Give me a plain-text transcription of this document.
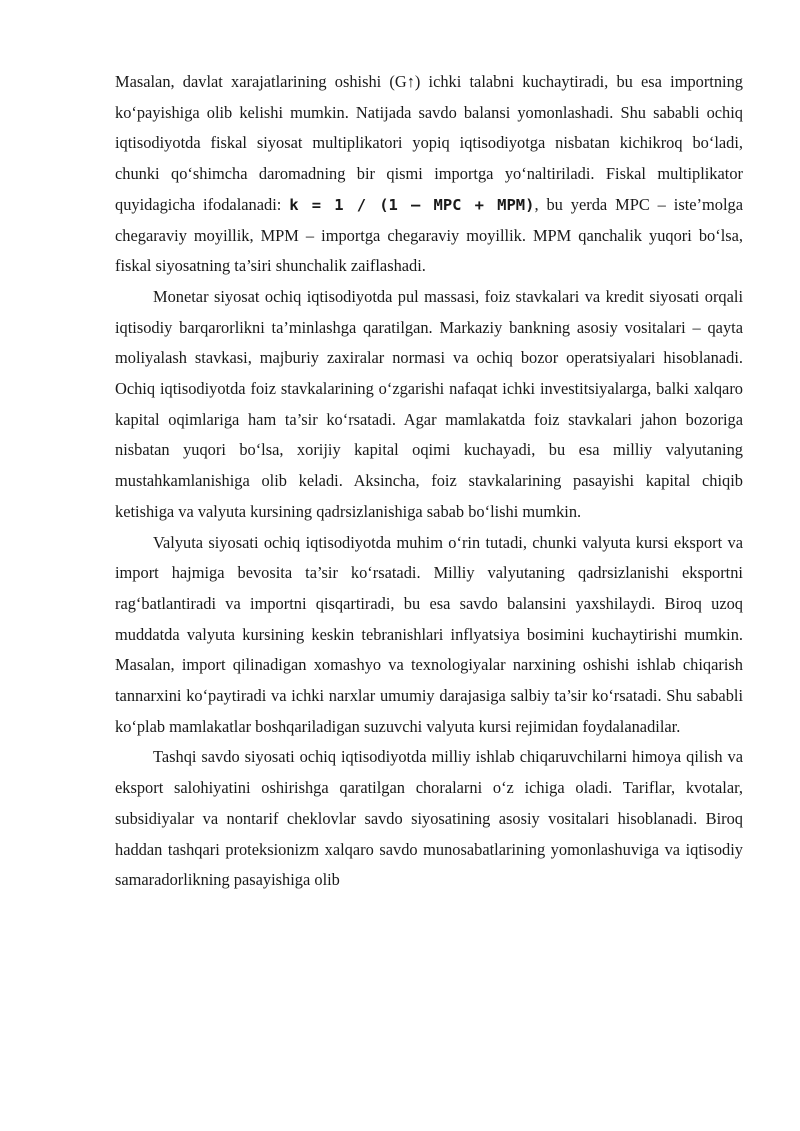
Masalan, davlat xarajatlarining oshishi (G↑) ichki talabni kuchaytiradi, bu esa importning ko‘payishiga olib kelishi mumkin. Natijada savdo balansi yomonlashadi. Shu sababli ochiq iqtisodiyotda fiskal siyosat multiplikatori yopiq iqtisodiyotga nisbatan kichikroq bo‘ladi, chunki qo‘shimcha daromadning bir qismi importga yo‘naltiriladi. Fiskal multiplikator quyidagicha ifodalanadi: k = 1 / (1 – MPC + MPM), bu yerda MPC – iste’molga chegaraviy moyillik, MPM – importga chegaraviy moyillik. MPM qanchalik yuqori bo‘lsa, fiskal siyosatning ta’siri shunchalik zaiflashadi.

Monetar siyosat ochiq iqtisodiyotda pul massasi, foiz stavkalari va kredit siyosati orqali iqtisodiy barqarorlikni ta’minlashga qaratilgan. Markaziy bankning asosiy vositalari – qayta moliyalash stavkasi, majburiy zaxiralar normasi va ochiq bozor operatsiyalari hisoblanadi. Ochiq iqtisodiyotda foiz stavkalarining o‘zgarishi nafaqat ichki investitsiyalarga, balki xalqaro kapital oqimlariga ham ta’sir ko‘rsatadi. Agar mamlakatda foiz stavkalari jahon bozoriga nisbatan yuqori bo‘lsa, xorijiy kapital oqimi kuchayadi, bu esa milliy valyutaning mustahkamlanishiga olib keladi. Aksincha, foiz stavkalarining pasayishi kapital chiqib ketishiga va valyuta kursining qadrsizlanishiga sabab bo‘lishi mumkin.

Valyuta siyosati ochiq iqtisodiyotda muhim o‘rin tutadi, chunki valyuta kursi eksport va import hajmiga bevosita ta’sir ko‘rsatadi. Milliy valyutaning qadrsizlanishi eksportni rag‘batlantiradi va importni qisqartiradi, bu esa savdo balansini yaxshilaydi. Biroq uzoq muddatda valyuta kursining keskin tebranishlari inflyatsiya bosimini kuchaytirishi mumkin. Masalan, import qilinadigan xomashyo va texnologiyalar narxining oshishi ishlab chiqarish tannarxini ko‘paytiradi va ichki narxlar umumiy darajasiga salbiy ta’sir ko‘rsatadi. Shu sababli ko‘plab mamlakatlar boshqariladigan suzuvchi valyuta kursi rejimidan foydalanadilar.

Tashqi savdo siyosati ochiq iqtisodiyotda milliy ishlab chiqaruvchilarni himoya qilish va eksport salohiyatini oshirishga qaratilgan choralarni o‘z ichiga oladi. Tariflar, kvotalar, subsidiyalar va nontarif cheklovlar savdo siyosatining asosiy vositalari hisoblanadi. Biroq haddan tashqari proteksionizm xalqaro savdo munosabatlarining yomonlashuviga va iqtisodiy samaradorlikning pasayishiga olib
